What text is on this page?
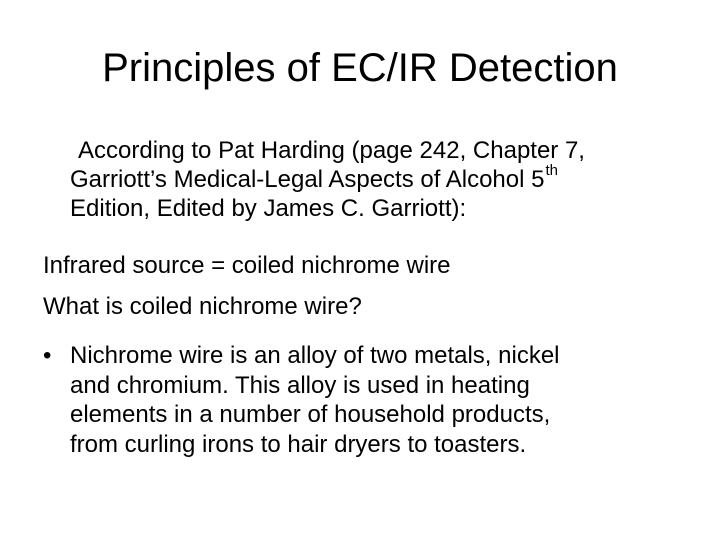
Principles of EC/IR Detection
According to Pat Harding (page 242, Chapter 7,
Garriott’s Medical-Legal Aspects of Alcohol 5th
Edition, Edited by James C. Garriott):
Infrared source = coiled nichrome wire
What is coiled nichrome wire?
• Nichrome wire is an alloy of two metals, nickel
and chromium. This alloy is used in heating
elements in a number of household products,
from curling irons to hair dryers to toasters.
